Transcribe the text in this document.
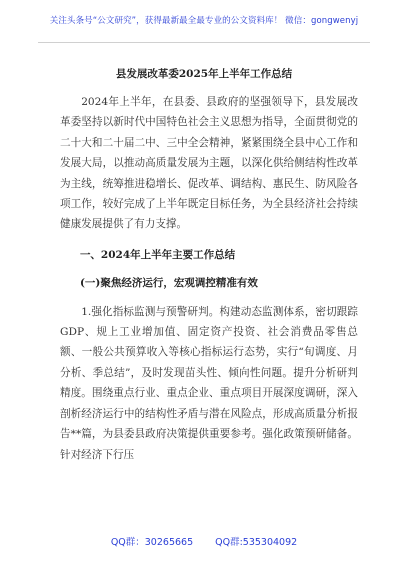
关注头条号“公文研究”，获得最新最全最专业的公文资料库！ 微信：gongwenyj
县发展改革委2025年上半年工作总结

2024年上半年，在县委、县政府的坚强领导下，县发展改革委坚持以新时代中国特色社会主义思想为指导，全面贯彻党的二十大和二十届二中、三中全会精神，紧紧围绕全县中心工作和发展大局，以推动高质量发展为主题，以深化供给侧结构性改革为主线，统筹推进稳增长、促改革、调结构、惠民生、防风险各项工作，较好完成了上半年既定目标任务，为全县经济社会持续健康发展提供了有力支撑。

一、2024年上半年主要工作总结
(一)聚焦经济运行，宏观调控精准有效

1.强化指标监测与预警研判。构建动态监测体系，密切跟踪GDP、规上工业增加值、固定资产投资、社会消费品零售总额、一般公共预算收入等核心指标运行态势，实行“旬调度、月分析、季总结”，及时发现苗头性、倾向性问题。提升分析研判精度。围绕重点行业、重点企业、重点项目开展深度调研，深入剖析经济运行中的结构性矛盾与潜在风险点，形成高质量分析报告**篇，为县委县政府决策提供重要参考。强化政策预研储备。针对经济下行压

QQ群：30265665 QQ群:535304092
